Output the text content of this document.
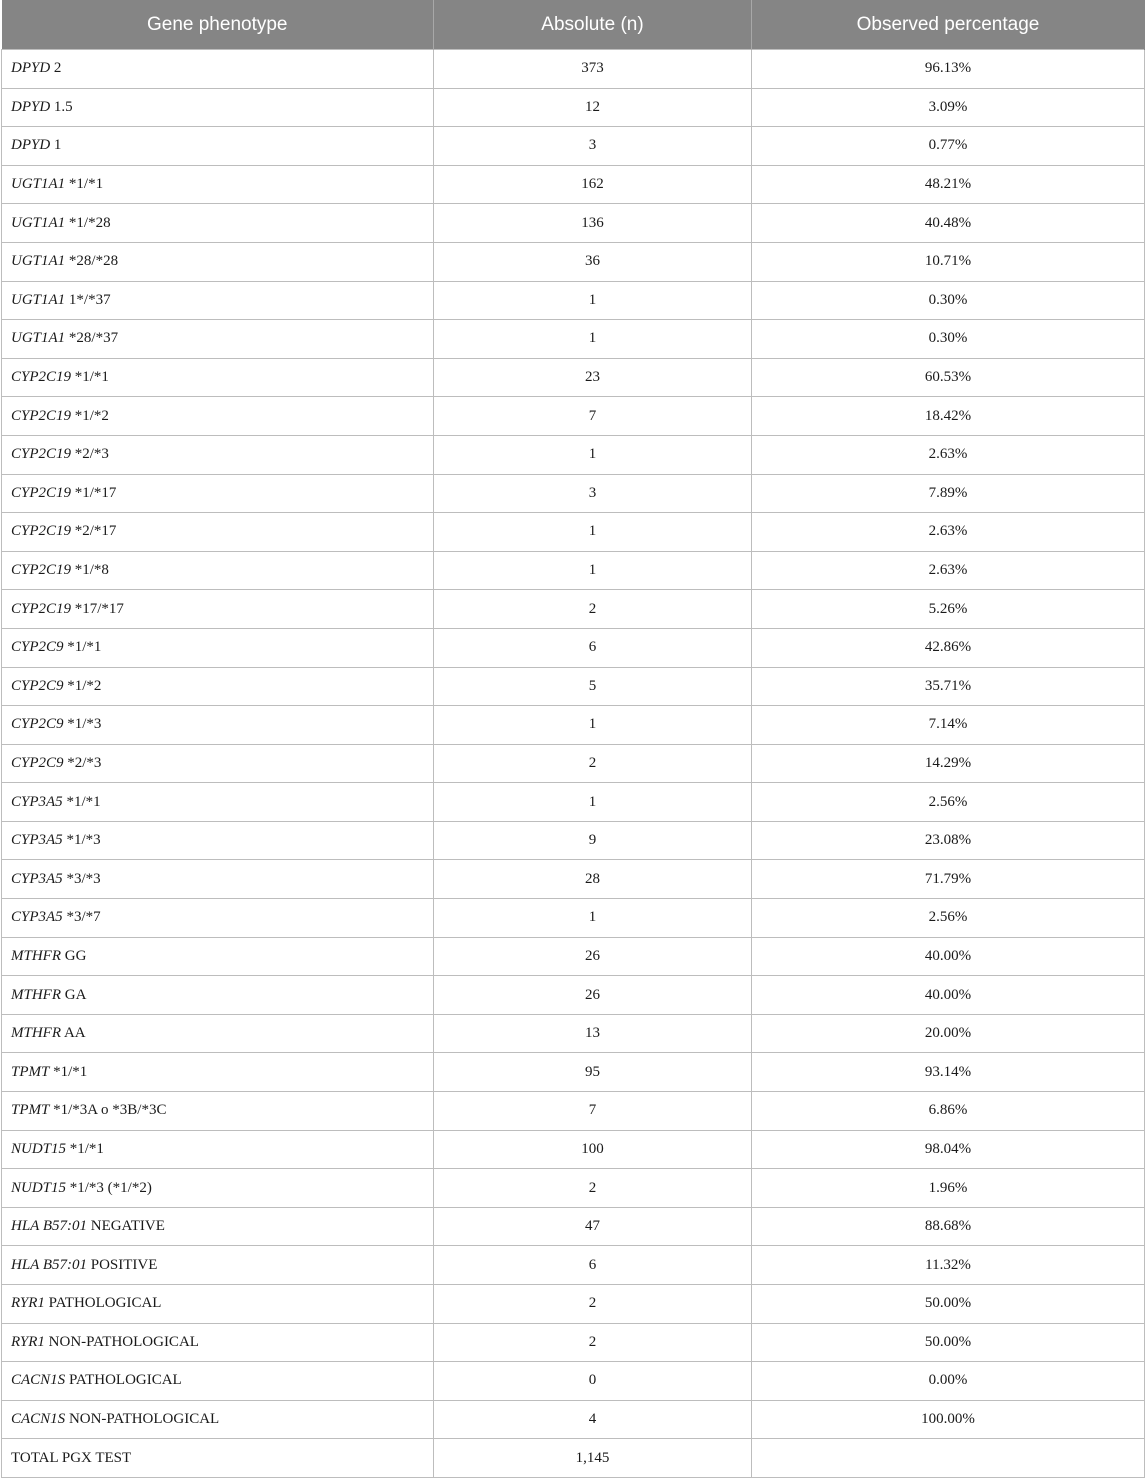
Gene phenotype	Absolute (n)	Observed percentage
DPYD 2	373	96.13%
DPYD 1.5	12	3.09%
DPYD 1	3	0.77%
UGT1A1 *1/*1	162	48.21%
UGT1A1 *1/*28	136	40.48%
UGT1A1 *28/*28	36	10.71%
UGT1A1 1*/*37	1	0.30%
UGT1A1 *28/*37	1	0.30%
CYP2C19 *1/*1	23	60.53%
CYP2C19 *1/*2	7	18.42%
CYP2C19 *2/*3	1	2.63%
CYP2C19 *1/*17	3	7.89%
CYP2C19 *2/*17	1	2.63%
CYP2C19 *1/*8	1	2.63%
CYP2C19 *17/*17	2	5.26%
CYP2C9 *1/*1	6	42.86%
CYP2C9 *1/*2	5	35.71%
CYP2C9 *1/*3	1	7.14%
CYP2C9 *2/*3	2	14.29%
CYP3A5 *1/*1	1	2.56%
CYP3A5 *1/*3	9	23.08%
CYP3A5 *3/*3	28	71.79%
CYP3A5 *3/*7	1	2.56%
MTHFR GG	26	40.00%
MTHFR GA	26	40.00%
MTHFR AA	13	20.00%
TPMT *1/*1	95	93.14%
TPMT *1/*3A o *3B/*3C	7	6.86%
NUDT15 *1/*1	100	98.04%
NUDT15 *1/*3 (*1/*2)	2	1.96%
HLA B57:01 NEGATIVE	47	88.68%
HLA B57:01 POSITIVE	6	11.32%
RYR1 PATHOLOGICAL	2	50.00%
RYR1 NON-PATHOLOGICAL	2	50.00%
CACN1S PATHOLOGICAL	0	0.00%
CACN1S NON-PATHOLOGICAL	4	100.00%
TOTAL PGX TEST	1,145	
